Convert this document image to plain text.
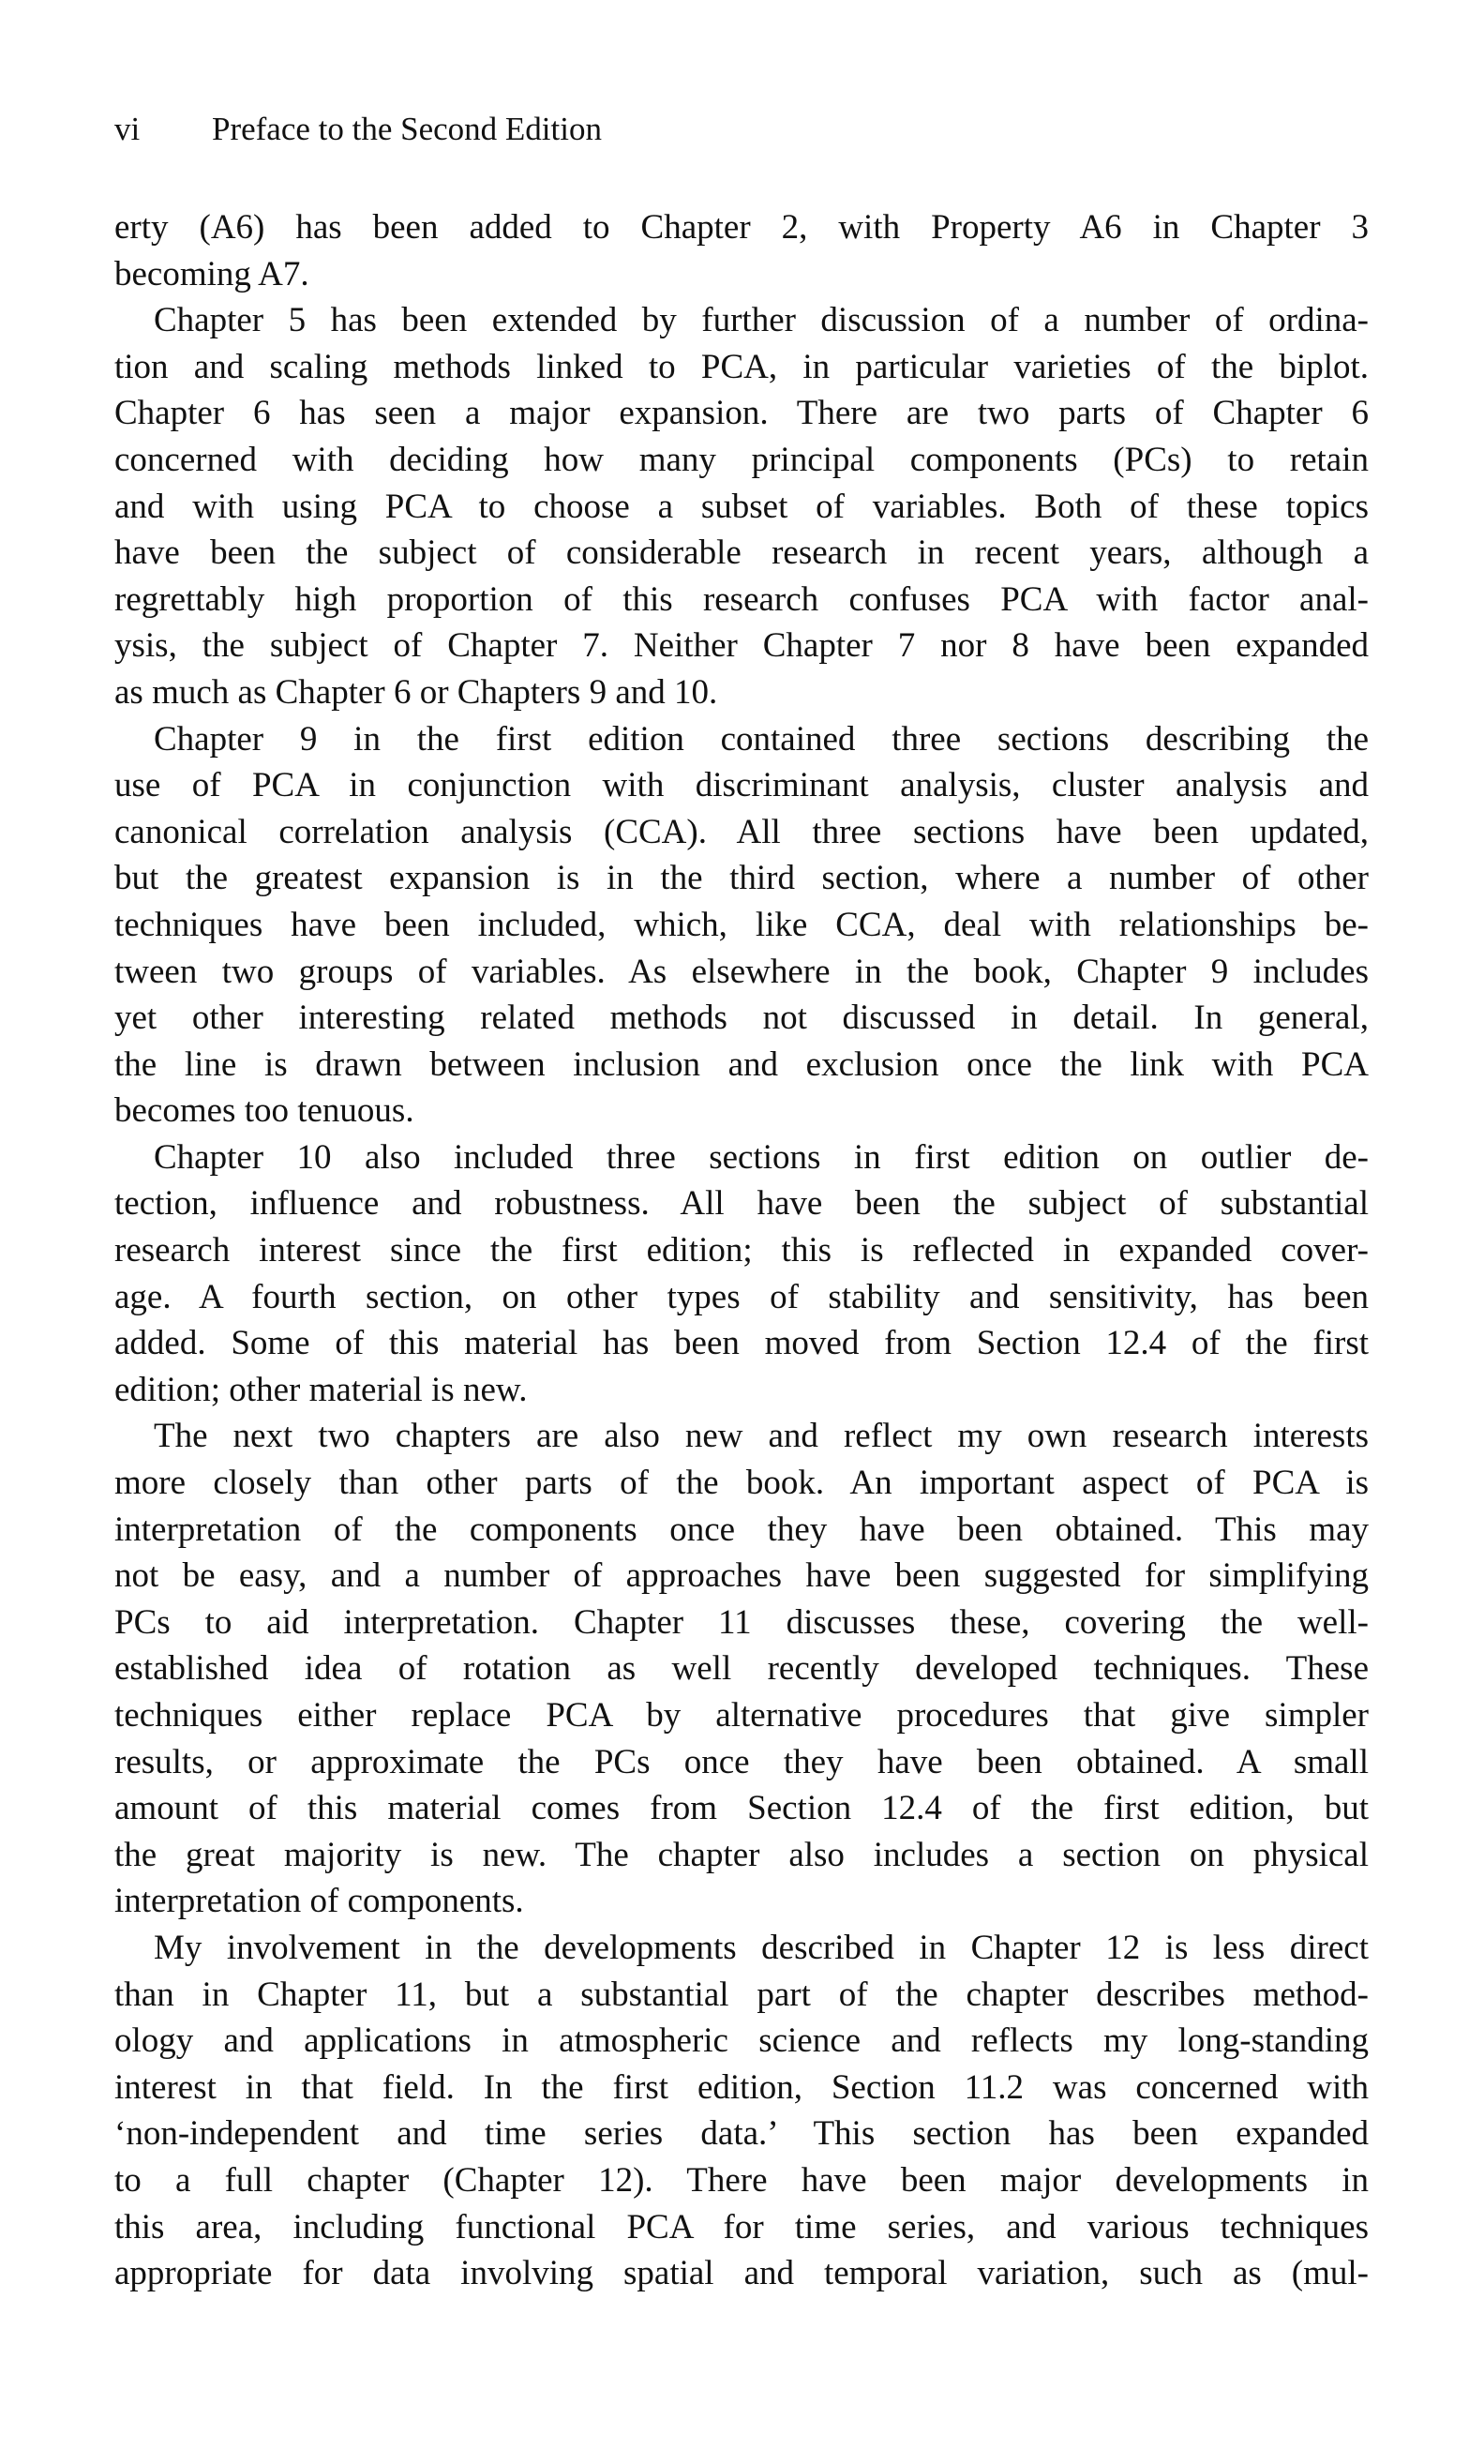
vi Preface to the Second Edition
erty (A6) has been added to Chapter 2, with Property A6 in Chapter 3
becoming A7.
Chapter 5 has been extended by further discussion of a number of ordina-
tion and scaling methods linked to PCA, in particular varieties of the biplot.
Chapter 6 has seen a major expansion. There are two parts of Chapter 6
concerned with deciding how many principal components (PCs) to retain
and with using PCA to choose a subset of variables. Both of these topics
have been the subject of considerable research in recent years, although a
regrettably high proportion of this research confuses PCA with factor anal-
ysis, the subject of Chapter 7. Neither Chapter 7 nor 8 have been expanded
as much as Chapter 6 or Chapters 9 and 10.
Chapter 9 in the first edition contained three sections describing the
use of PCA in conjunction with discriminant analysis, cluster analysis and
canonical correlation analysis (CCA). All three sections have been updated,
but the greatest expansion is in the third section, where a number of other
techniques have been included, which, like CCA, deal with relationships be-
tween two groups of variables. As elsewhere in the book, Chapter 9 includes
yet other interesting related methods not discussed in detail. In general,
the line is drawn between inclusion and exclusion once the link with PCA
becomes too tenuous.
Chapter 10 also included three sections in first edition on outlier de-
tection, influence and robustness. All have been the subject of substantial
research interest since the first edition; this is reflected in expanded cover-
age. A fourth section, on other types of stability and sensitivity, has been
added. Some of this material has been moved from Section 12.4 of the first
edition; other material is new.
The next two chapters are also new and reflect my own research interests
more closely than other parts of the book. An important aspect of PCA is
interpretation of the components once they have been obtained. This may
not be easy, and a number of approaches have been suggested for simplifying
PCs to aid interpretation. Chapter 11 discusses these, covering the well-
established idea of rotation as well recently developed techniques. These
techniques either replace PCA by alternative procedures that give simpler
results, or approximate the PCs once they have been obtained. A small
amount of this material comes from Section 12.4 of the first edition, but
the great majority is new. The chapter also includes a section on physical
interpretation of components.
My involvement in the developments described in Chapter 12 is less direct
than in Chapter 11, but a substantial part of the chapter describes method-
ology and applications in atmospheric science and reflects my long-standing
interest in that field. In the first edition, Section 11.2 was concerned with
‘non-independent and time series data.’ This section has been expanded
to a full chapter (Chapter 12). There have been major developments in
this area, including functional PCA for time series, and various techniques
appropriate for data involving spatial and temporal variation, such as (mul-
